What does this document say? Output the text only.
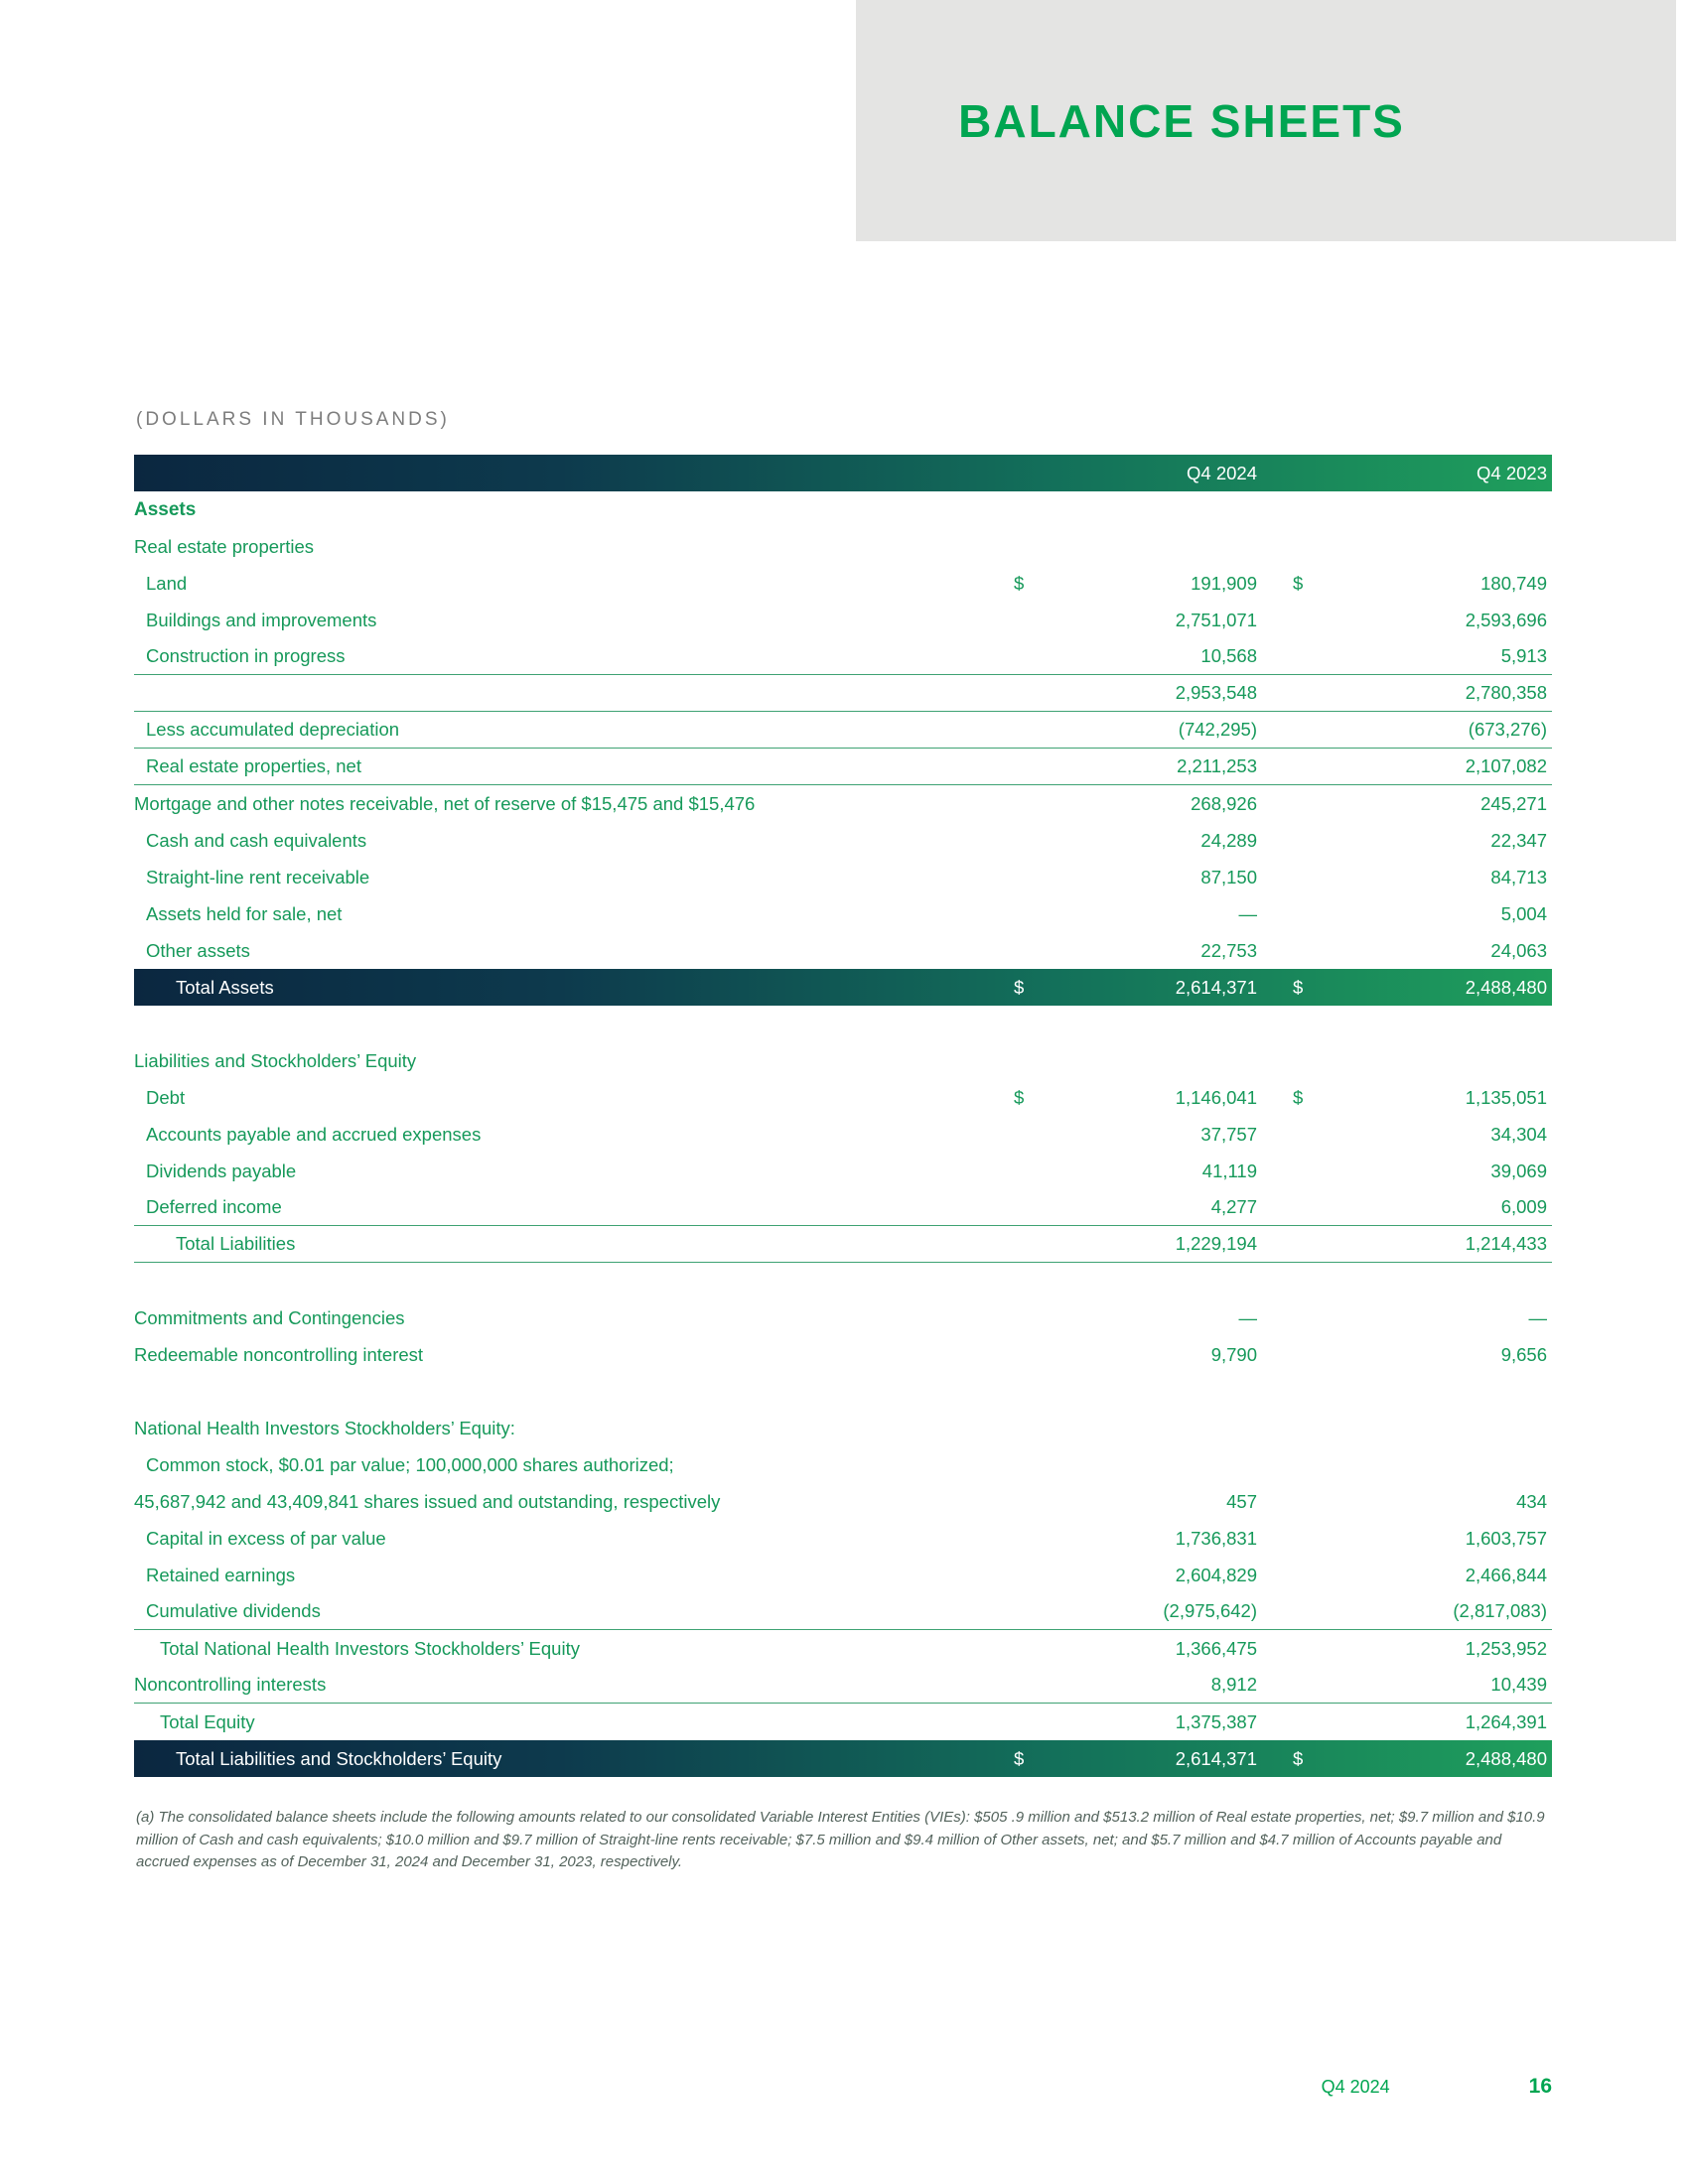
BALANCE SHEETS
(DOLLARS IN THOUSANDS)
Q4 2024	Q4 2023
Assets
Real estate properties
Land	$	191,909 $	180,749
Buildings and improvements	2,751,071	2,593,696
Construction in progress	10,568	5,913
2,953,548	2,780,358
Less accumulated depreciation	(742,295)	(673,276)
Real estate properties, net	2,211,253	2,107,082
Mortgage and other notes receivable, net of reserve of $15,475 and $15,476	268,926	245,271
Cash and cash equivalents	24,289	22,347
Straight-line rent receivable	87,150	84,713
Assets held for sale, net	—	5,004
Other assets	22,753	24,063
Total Assets	$	2,614,371 $	2,488,480
Liabilities and Stockholders’ Equity
Debt	$	1,146,041 $	1,135,051
Accounts payable and accrued expenses	37,757	34,304
Dividends payable	41,119	39,069
Deferred income	4,277	6,009
Total Liabilities	1,229,194	1,214,433
Commitments and Contingencies	—	—
Redeemable noncontrolling interest	9,790	9,656
National Health Investors Stockholders’ Equity:
Common stock, $0.01 par value; 100,000,000 shares authorized;
45,687,942 and 43,409,841 shares issued and outstanding, respectively	457	434
Capital in excess of par value	1,736,831	1,603,757
Retained earnings	2,604,829	2,466,844
Cumulative dividends	(2,975,642)	(2,817,083)
Total National Health Investors Stockholders’ Equity	1,366,475	1,253,952
Noncontrolling interests	8,912	10,439
Total Equity	1,375,387	1,264,391
Total Liabilities and Stockholders’ Equity	$	2,614,371 $	2,488,480

(a) The consolidated balance sheets include the following amounts related to our consolidated Variable Interest Entities (VIEs): $505 .9 million and $513.2 million of Real estate properties, net; $9.7 million and $10.9 million of Cash and cash equivalents; $10.0 million and $9.7 million of Straight-line rents receivable; $7.5 million and $9.4 million of Other assets, net; and $5.7 million and $4.7 million of Accounts payable and accrued expenses as of December 31, 2024 and December 31, 2023, respectively.

Q4 2024	16
